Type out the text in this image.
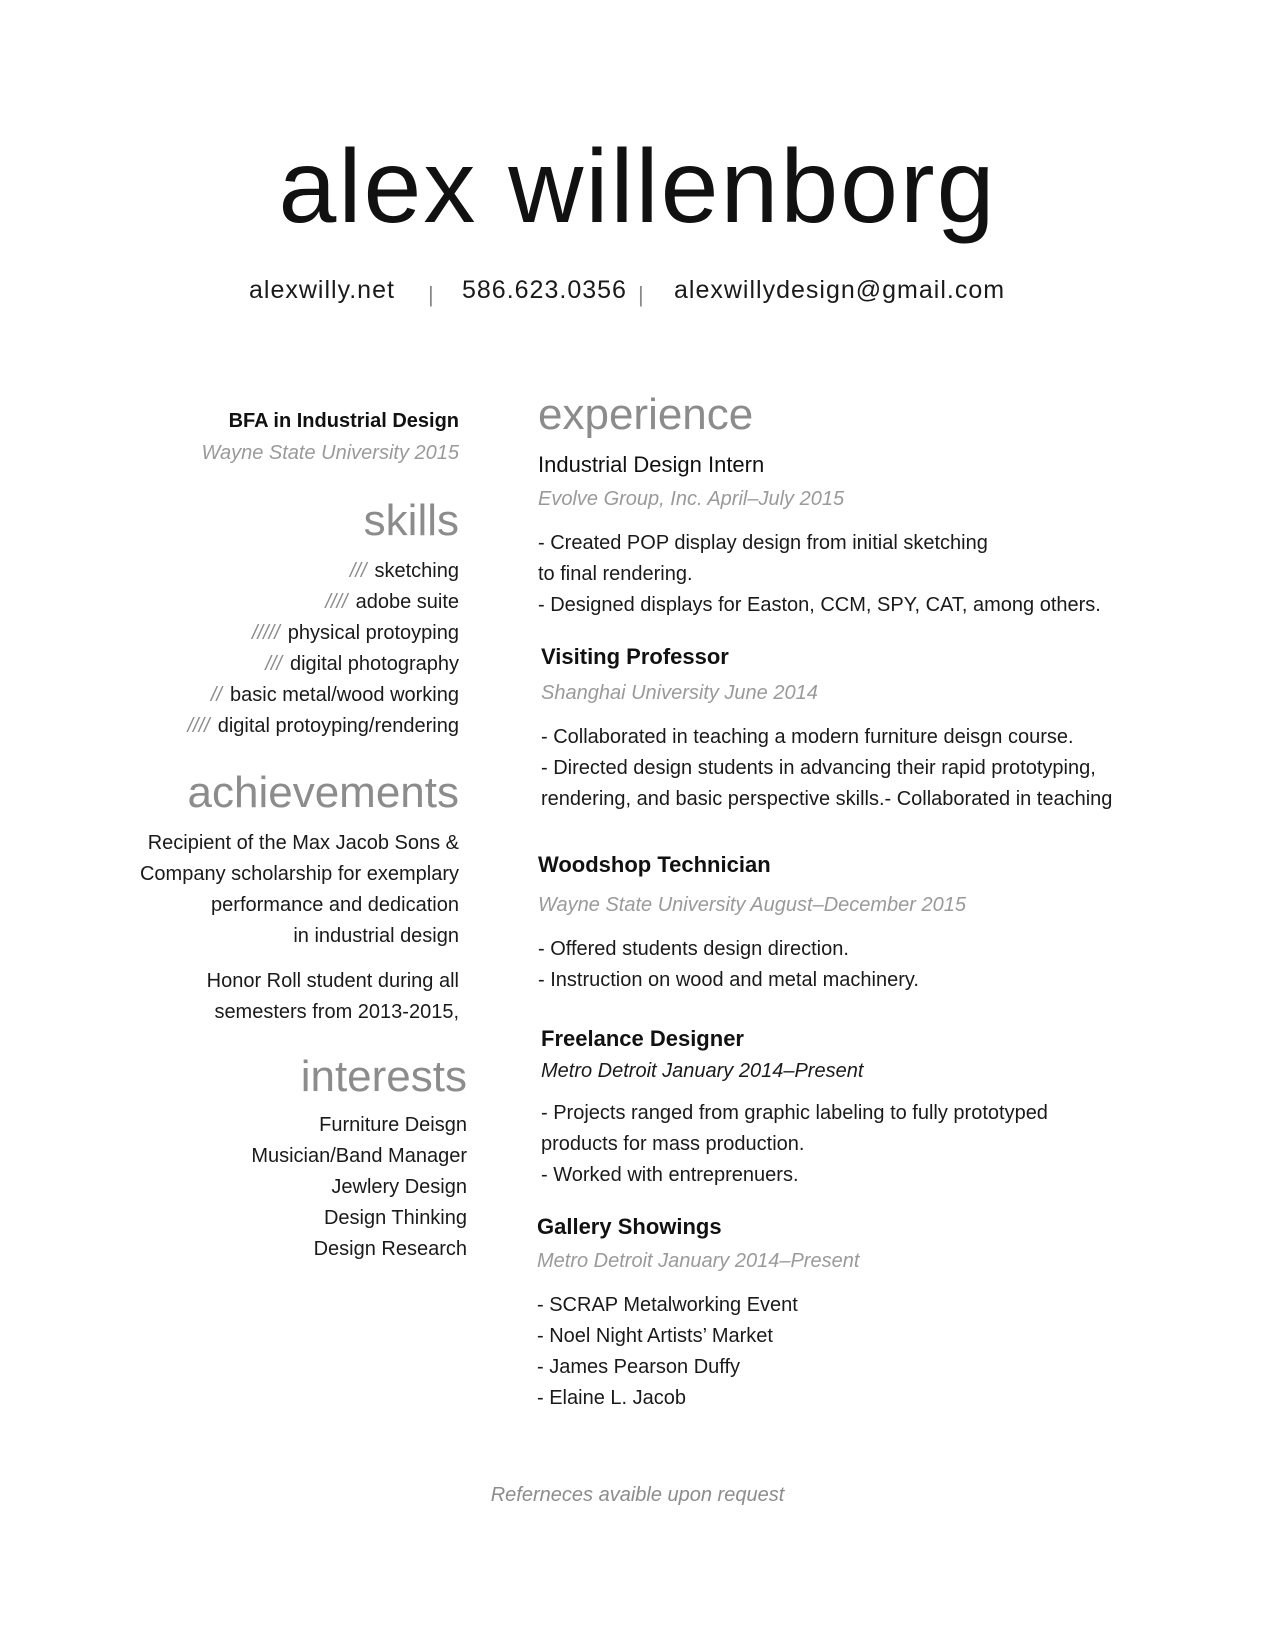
alex willenborg
alexwilly.net | 586.623.0356 | alexwillydesign@gmail.com
BFA in Industrial Design
Wayne State University 2015
skills
/// sketching
//// adobe suite
///// physical protoyping
/// digital photography
// basic metal/wood working
//// digital protoyping/rendering
achievements
Recipient of the Max Jacob Sons &
Company scholarship for exemplary
performance and dedication
in industrial design
Honor Roll student during all
semesters from 2013-2015,
interests
Furniture Deisgn
Musician/Band Manager
Jewlery Design
Design Thinking
Design Research
experience
Industrial Design Intern
Evolve Group, Inc. April–July 2015
- Created POP display design from initial sketching
to final rendering.
- Designed displays for Easton, CCM, SPY, CAT, among others.
Visiting Professor
Shanghai University June 2014
- Collaborated in teaching a modern furniture deisgn course.
- Directed design students in advancing their rapid prototyping,
rendering, and basic perspective skills.- Collaborated in teaching
Woodshop Technician
Wayne State University August–December 2015
- Offered students design direction.
- Instruction on wood and metal machinery.
Freelance Designer
Metro Detroit January 2014–Present
- Projects ranged from graphic labeling to fully prototyped
products for mass production.
- Worked with entreprenuers.
Gallery Showings
Metro Detroit January 2014–Present
- SCRAP Metalworking Event
- Noel Night Artists’ Market
- James Pearson Duffy
- Elaine L. Jacob
Referneces avaible upon request
